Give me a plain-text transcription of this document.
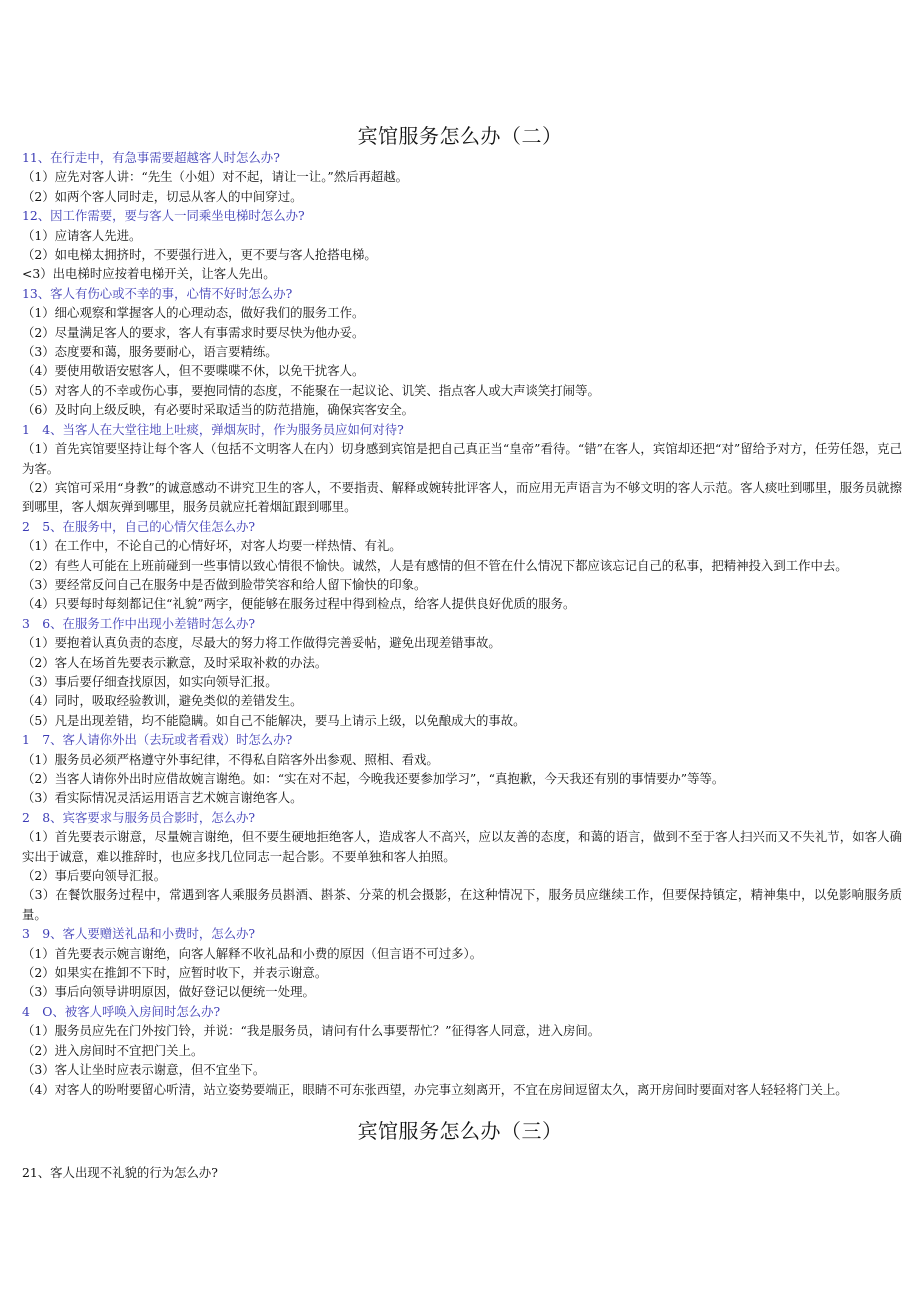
宾馆服务怎么办（二）

11、在行走中，有急事需要超越客人时怎么办?

（1）应先对客人讲：“先生（小姐）对不起，请让一让。”然后再超越。

（2）如两个客人同时走，切忌从客人的中间穿过。

12、因工作需要，要与客人一同乘坐电梯时怎么办?

（1）应请客人先进。

（2）如电梯太拥挤时，不要强行进入，更不要与客人抢搭电梯。

<3）出电梯时应按着电梯开关，让客人先出。

13、客人有伤心或不幸的事，心情不好时怎么办?

（1）细心观察和掌握客人的心理动态，做好我们的服务工作。

（2）尽量满足客人的要求，客人有事需求时要尽快为他办妥。

（3）态度要和蔼，服务要耐心，语言要精练。

（4）要使用敬语安慰客人，但不要喋喋不休，以免干扰客人。

（5）对客人的不幸或伤心事，要抱同情的态度，不能聚在一起议论、讥笑、指点客人或大声谈笑打闹等。

（6）及时向上级反映，有必要时采取适当的防范措施，确保宾客安全。

1　4、当客人在大堂往地上吐痰，弹烟灰时，作为服务员应如何对待?

（1）首先宾馆要坚持让每个客人（包括不文明客人在内）切身感到宾馆是把自己真正当“皇帝”看待。“错”在客人，宾馆却还把“对”留给予对方，任劳任怨，克己为客。

（2）宾馆可采用“身教”的诚意感动不讲究卫生的客人，不要指责、解释或婉转批评客人，而应用无声语言为不够文明的客人示范。客人痰吐到哪里，服务员就擦到哪里，客人烟灰弹到哪里，服务员就应托着烟缸跟到哪里。

2　5、在服务中，自己的心情欠佳怎么办?

（1）在工作中，不论自己的心情好坏，对客人均要一样热情、有礼。

（2）有些人可能在上班前碰到一些事情以致心情很不愉快。诚然，人是有感情的但不管在什么情况下都应该忘记自己的私事，把精神投入到工作中去。

（3）要经常反问自己在服务中是否做到脸带笑容和给人留下愉快的印象。

（4）只要每时每刻都记住“礼貌”两字，便能够在服务过程中得到检点，给客人提供良好优质的服务。

3　6、在服务工作中出现小差错时怎么办?

（1）要抱着认真负责的态度，尽最大的努力将工作做得完善妥帖，避免出现差错事故。

（2）客人在场首先要表示歉意，及时采取补救的办法。

（3）事后要仔细查找原因，如实向领导汇报。

（4）同时，吸取经验教训，避免类似的差错发生。

（5）凡是出现差错，均不能隐瞒。如自己不能解决，要马上请示上级，以免酿成大的事故。

1　7、客人请你外出（去玩或者看戏）时怎么办?

（1）服务员必须严格遵守外事纪律，不得私自陪客外出参观、照相、看戏。

（2）当客人请你外出时应借故婉言谢绝。如：“实在对不起，今晚我还要参加学习”，“真抱歉，今天我还有别的事情要办”等等。

（3）看实际情况灵活运用语言艺术婉言谢绝客人。

2　8、宾客要求与服务员合影时，怎么办?

（1）首先要表示谢意，尽量婉言谢绝，但不要生硬地拒绝客人，造成客人不高兴，应以友善的态度，和蔼的语言，做到不至于客人扫兴而又不失礼节，如客人确实出于诚意，难以推辞时，也应多找几位同志一起合影。不要单独和客人拍照。

（2）事后要向领导汇报。

（3）在餐饮服务过程中，常遇到客人乘服务员斟酒、斟茶、分菜的机会摄影，在这种情况下，服务员应继续工作，但要保持镇定，精神集中，以免影响服务质量。

3　9、客人要赠送礼品和小费时，怎么办?

（1）首先要表示婉言谢绝，向客人解释不收礼品和小费的原因（但言语不可过多）。

（2）如果实在推卸不下时，应暂时收下，并表示谢意。

（3）事后向领导讲明原因，做好登记以便统一处理。

4　O、被客人呼唤入房间时怎么办?

（1）服务员应先在门外按门铃，并说：“我是服务员，请问有什么事要帮忙？”征得客人同意，进入房间。

（2）进入房间时不宜把门关上。

（3）客人让坐时应表示谢意，但不宜坐下。

（4）对客人的吩咐要留心听清，站立姿势要端正，眼睛不可东张西望，办完事立刻离开，不宜在房间逗留太久，离开房间时要面对客人轻轻将门关上。

宾馆服务怎么办（三）

21、客人出现不礼貌的行为怎么办?
